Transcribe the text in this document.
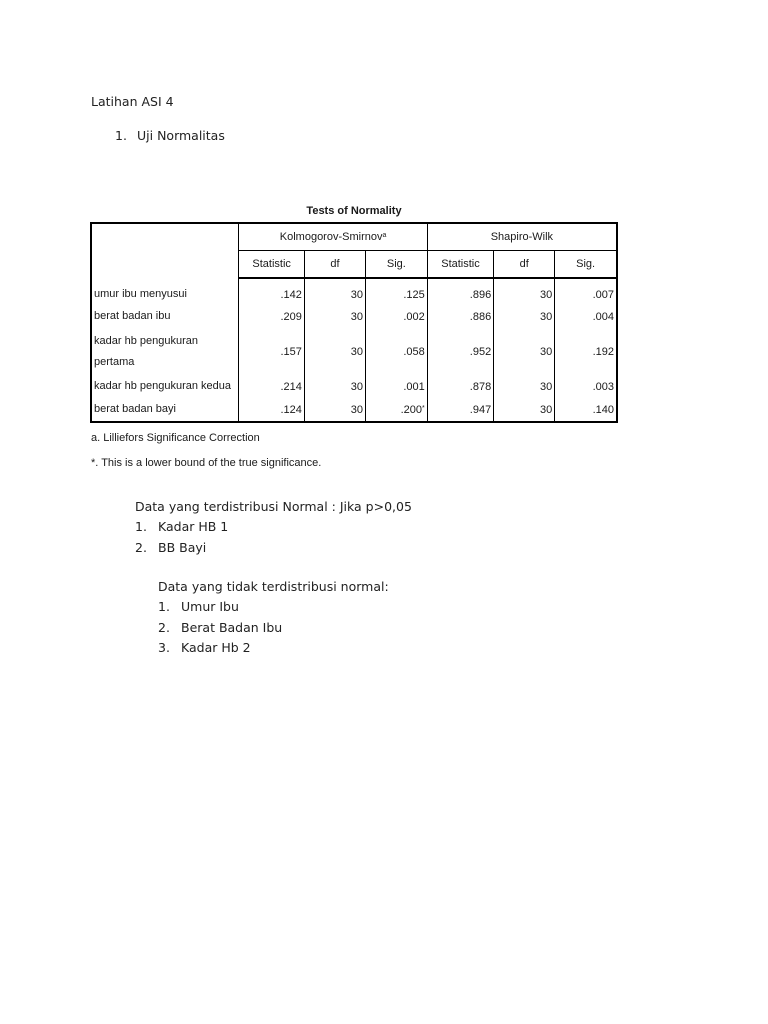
Latihan ASI 4
1. Uji Normalitas
Tests of Normality
	Kolmogorov-Smirnov$^a$			Shapiro-Wilk		
	Statistic	df	Sig.	Statistic	df	Sig.
umur ibu menyusui	.142	30	.125	.896	30	.007
berat badan ibu	.209	30	.002	.886	30	.004

kadar hb pengukuran
pertama	.157	30	.058	.952	30	.192
kadar hb pengukuran kedua	.214	30	.001	.878	30	.003
berat badan bayi	.124	30	.200*	.947	30	.140
a. Lilliefors Significance Correction
*. This is a lower bound of the true significance.
Data yang terdistribusi Normal : Jika p>0,05
1. Kadar HB 1
2. BB Bayi
Data yang tidak terdistribusi normal:
1. Umur Ibu
2. Berat Badan Ibu
3. Kadar Hb 2
